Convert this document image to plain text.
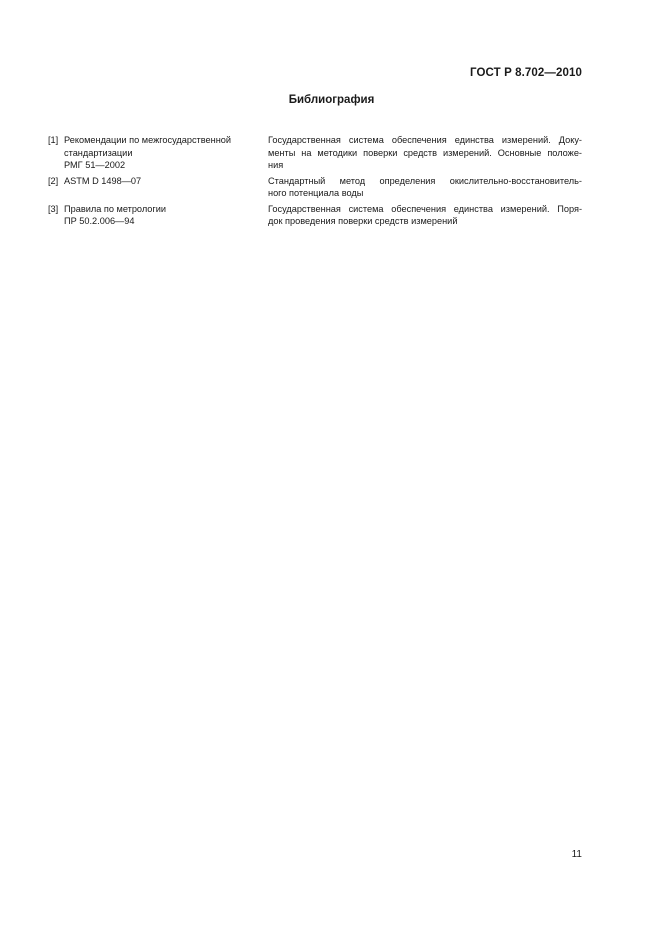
ГОСТ Р 8.702—2010
Библиография
[1] Рекомендации по межгосударственной
стандартизации
РМГ 51—2002
Государственная система обеспечения единства измерений. Доку-
менты на методики поверки средств измерений. Основные положе-
ния
[2] ASTM D 1498—07	Стандартный метод определения окислительно-восстановитель-
ного потенциала воды
[3] Правила по метрологии
ПР 50.2.006—94
Государственная система обеспечения единства измерений. Поря-
док проведения поверки средств измерений
11
